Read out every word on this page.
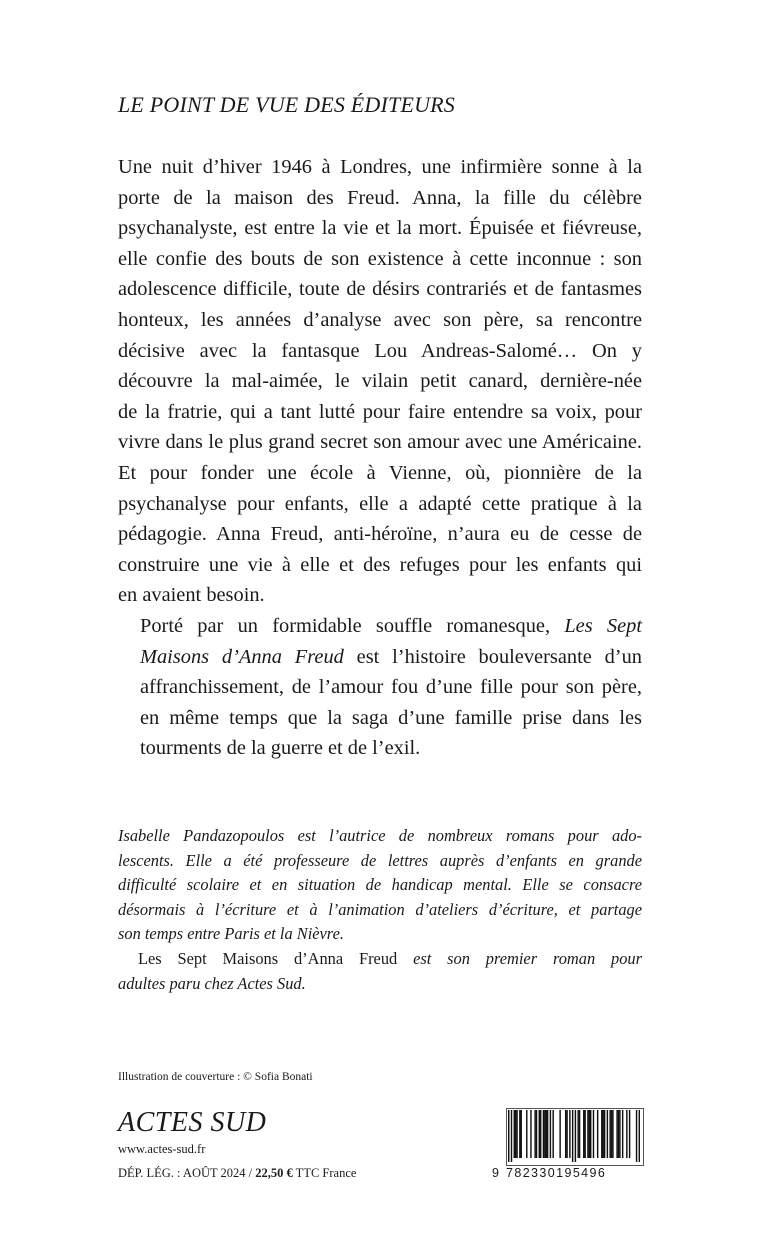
LE POINT DE VUE DES ÉDITEURS

Une nuit d’hiver 1946 à Londres, une infirmière sonne à la
porte de la maison des Freud. Anna, la fille du célèbre
psychanalyste, est entre la vie et la mort. Épuisée et fiévreuse,
elle confie des bouts de son existence à cette inconnue : son
adolescence difficile, toute de désirs contrariés et de fantasmes
honteux, les années d’analyse avec son père, sa rencontre
décisive avec la fantasque Lou Andreas-Salomé… On y
découvre la mal-aimée, le vilain petit canard, dernière-née
de la fratrie, qui a tant lutté pour faire entendre sa voix, pour
vivre dans le plus grand secret son amour avec une Américaine.
Et pour fonder une école à Vienne, où, pionnière de la
psychanalyse pour enfants, elle a adapté cette pratique à la
pédagogie. Anna Freud, anti-héroïne, n’aura eu de cesse de
construire une vie à elle et des refuges pour les enfants qui
en avaient besoin.

Porté par un formidable souffle romanesque, Les Sept
Maisons d’Anna Freud est l’histoire bouleversante d’un
affranchissement, de l’amour fou d’une fille pour son père,
en même temps que la saga d’une famille prise dans les
tourments de la guerre et de l’exil.

Isabelle Pandazopoulos est l’autrice de nombreux romans pour ado-
lescents. Elle a été professeure de lettres auprès d’enfants en grande
difficulté scolaire et en situation de handicap mental. Elle se consacre
désormais à l’écriture et à l’animation d’ateliers d’écriture, et partage
son temps entre Paris et la Nièvre.

Les Sept Maisons d’Anna Freud est son premier roman pour
adultes paru chez Actes Sud.

Illustration de couverture : © Sofia Bonati
ACTES SUD
www.actes-sud.fr
DÉP. LÉG. : AOÛT 2024 / 22,50 € TTC France	9 782330195496
